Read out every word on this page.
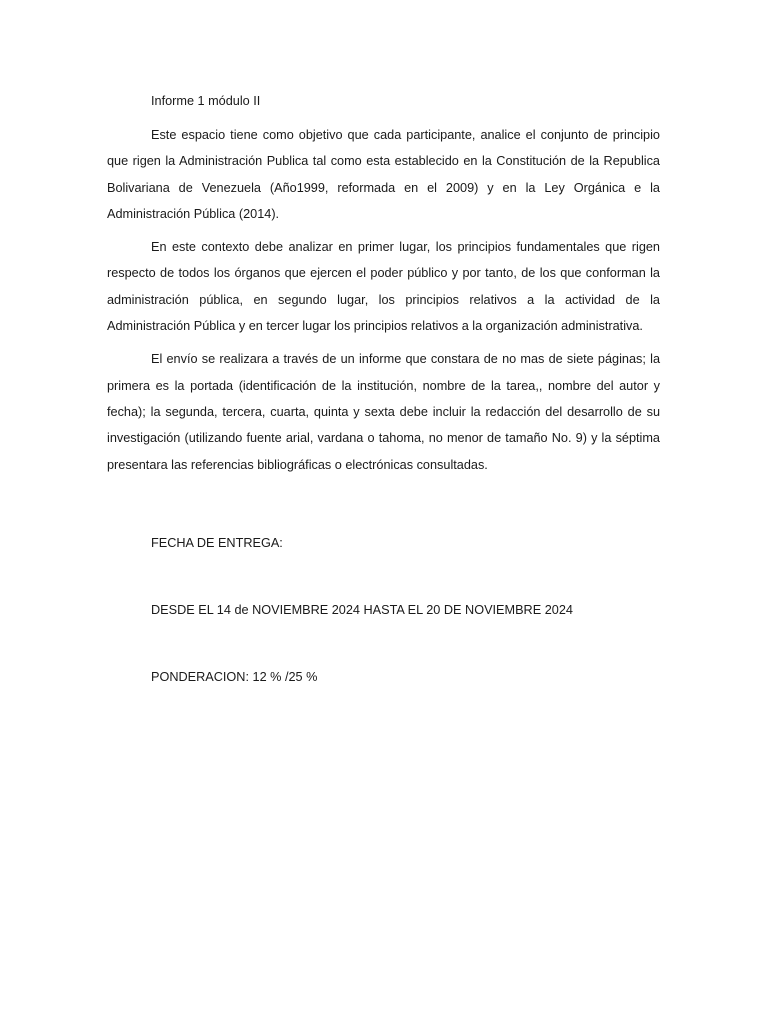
Informe 1 módulo II

Este espacio tiene como objetivo que cada participante, analice el conjunto de principio que rigen la Administración Publica tal como esta establecido en la Constitución de la Republica Bolivariana de Venezuela (Año1999, reformada en el 2009) y en la Ley Orgánica e la Administración Pública (2014).

En este contexto debe analizar en primer lugar, los principios fundamentales que rigen respecto de todos los órganos que ejercen el poder público y por tanto, de los que conforman la administración pública, en segundo lugar, los principios relativos a la actividad de la Administración Pública y en tercer lugar los principios relativos a la organización administrativa.

El envío se realizara a través de un informe que constara de no mas de siete páginas; la primera es la portada (identificación de la institución, nombre de la tarea,, nombre del autor y fecha); la segunda, tercera, cuarta, quinta y sexta debe incluir la redacción del desarrollo de su investigación (utilizando fuente arial, vardana o tahoma, no menor de tamaño No. 9) y la séptima presentara las referencias bibliográficas o electrónicas consultadas.

FECHA DE ENTREGA:

DESDE EL 14 de NOVIEMBRE 2024 HASTA EL 20 DE NOVIEMBRE 2024

PONDERACION: 12 % /25 %
